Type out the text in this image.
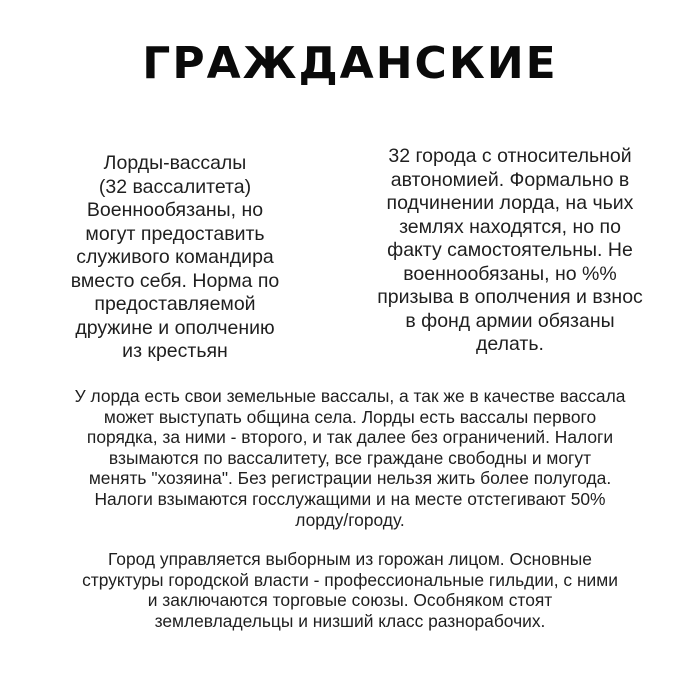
ГРАЖДАНСКИЕ

Лорды-вассалы
(32 вассалитета)
Военнообязаны, но
могут предоставить
служивого командира
вместо себя. Норма по
предоставляемой
дружине и ополчению
из крестьян

32 города с относительной
автономией. Формально в
подчинении лорда, на чьих
землях находятся, но по
факту самостоятельны. Не
военнообязаны, но %%
призыва в ополчения и взнос
в фонд армии обязаны
делать.

У лорда есть свои земельные вассалы, а так же в качестве вассала
может выступать община села. Лорды есть вассалы первого
порядка, за ними - второго, и так далее без ограничений. Налоги
взымаются по вассалитету, все граждане свободны и могут
менять "хозяина". Без регистрации нельзя жить более полугода.
Налоги взымаются госслужащими и на месте отстегивают 50%
лорду/городу.

Город управляется выборным из горожан лицом. Основные
структуры городской власти - профессиональные гильдии, с ними
и заключаются торговые союзы. Особняком стоят
землевладельцы и низший класс разнорабочих.
